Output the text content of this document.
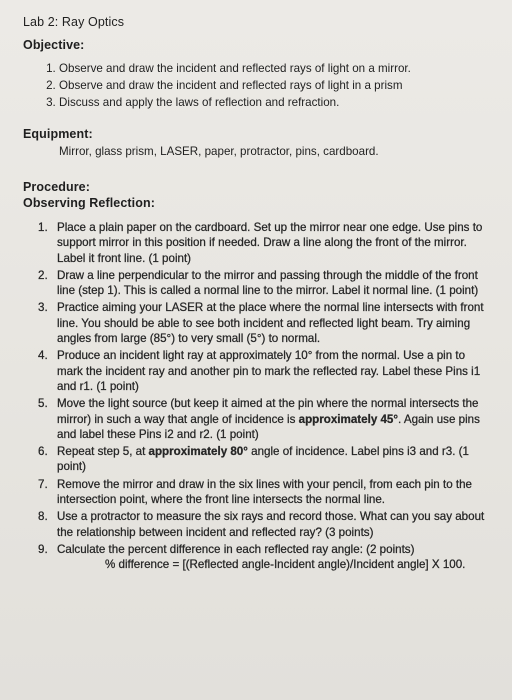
Lab 2: Ray Optics
Objective:
1. Observe and draw the incident and reflected rays of light on a mirror.
2. Observe and draw the incident and reflected rays of light in a prism
3. Discuss and apply the laws of reflection and refraction.
Equipment:
Mirror, glass prism, LASER, paper, protractor, pins, cardboard.
Procedure:
Observing Reflection:
Place a plain paper on the cardboard. Set up the mirror near one edge. Use pins to support mirror in this position if needed. Draw a line along the front of the mirror. Label it front line. (1 point)
Draw a line perpendicular to the mirror and passing through the middle of the front line (step 1). This is called a normal line to the mirror. Label it normal line. (1 point)
Practice aiming your LASER at the place where the normal line intersects with front line. You should be able to see both incident and reflected light beam. Try aiming angles from large (85°) to very small (5°) to normal.
Produce an incident light ray at approximately 10° from the normal. Use a pin to mark the incident ray and another pin to mark the reflected ray. Label these Pins i1 and r1. (1 point)
Move the light source (but keep it aimed at the pin where the normal intersects the mirror) in such a way that angle of incidence is approximately 45°. Again use pins and label these Pins i2 and r2. (1 point)
Repeat step 5, at approximately 80° angle of incidence. Label pins i3 and r3. (1 point)
Remove the mirror and draw in the six lines with your pencil, from each pin to the intersection point, where the front line intersects the normal line.
Use a protractor to measure the six rays and record those. What can you say about the relationship between incident and reflected ray? (3 points)
Calculate the percent difference in each reflected ray angle: (2 points)
% difference = [(Reflected angle-Incident angle)/Incident angle] X 100.
